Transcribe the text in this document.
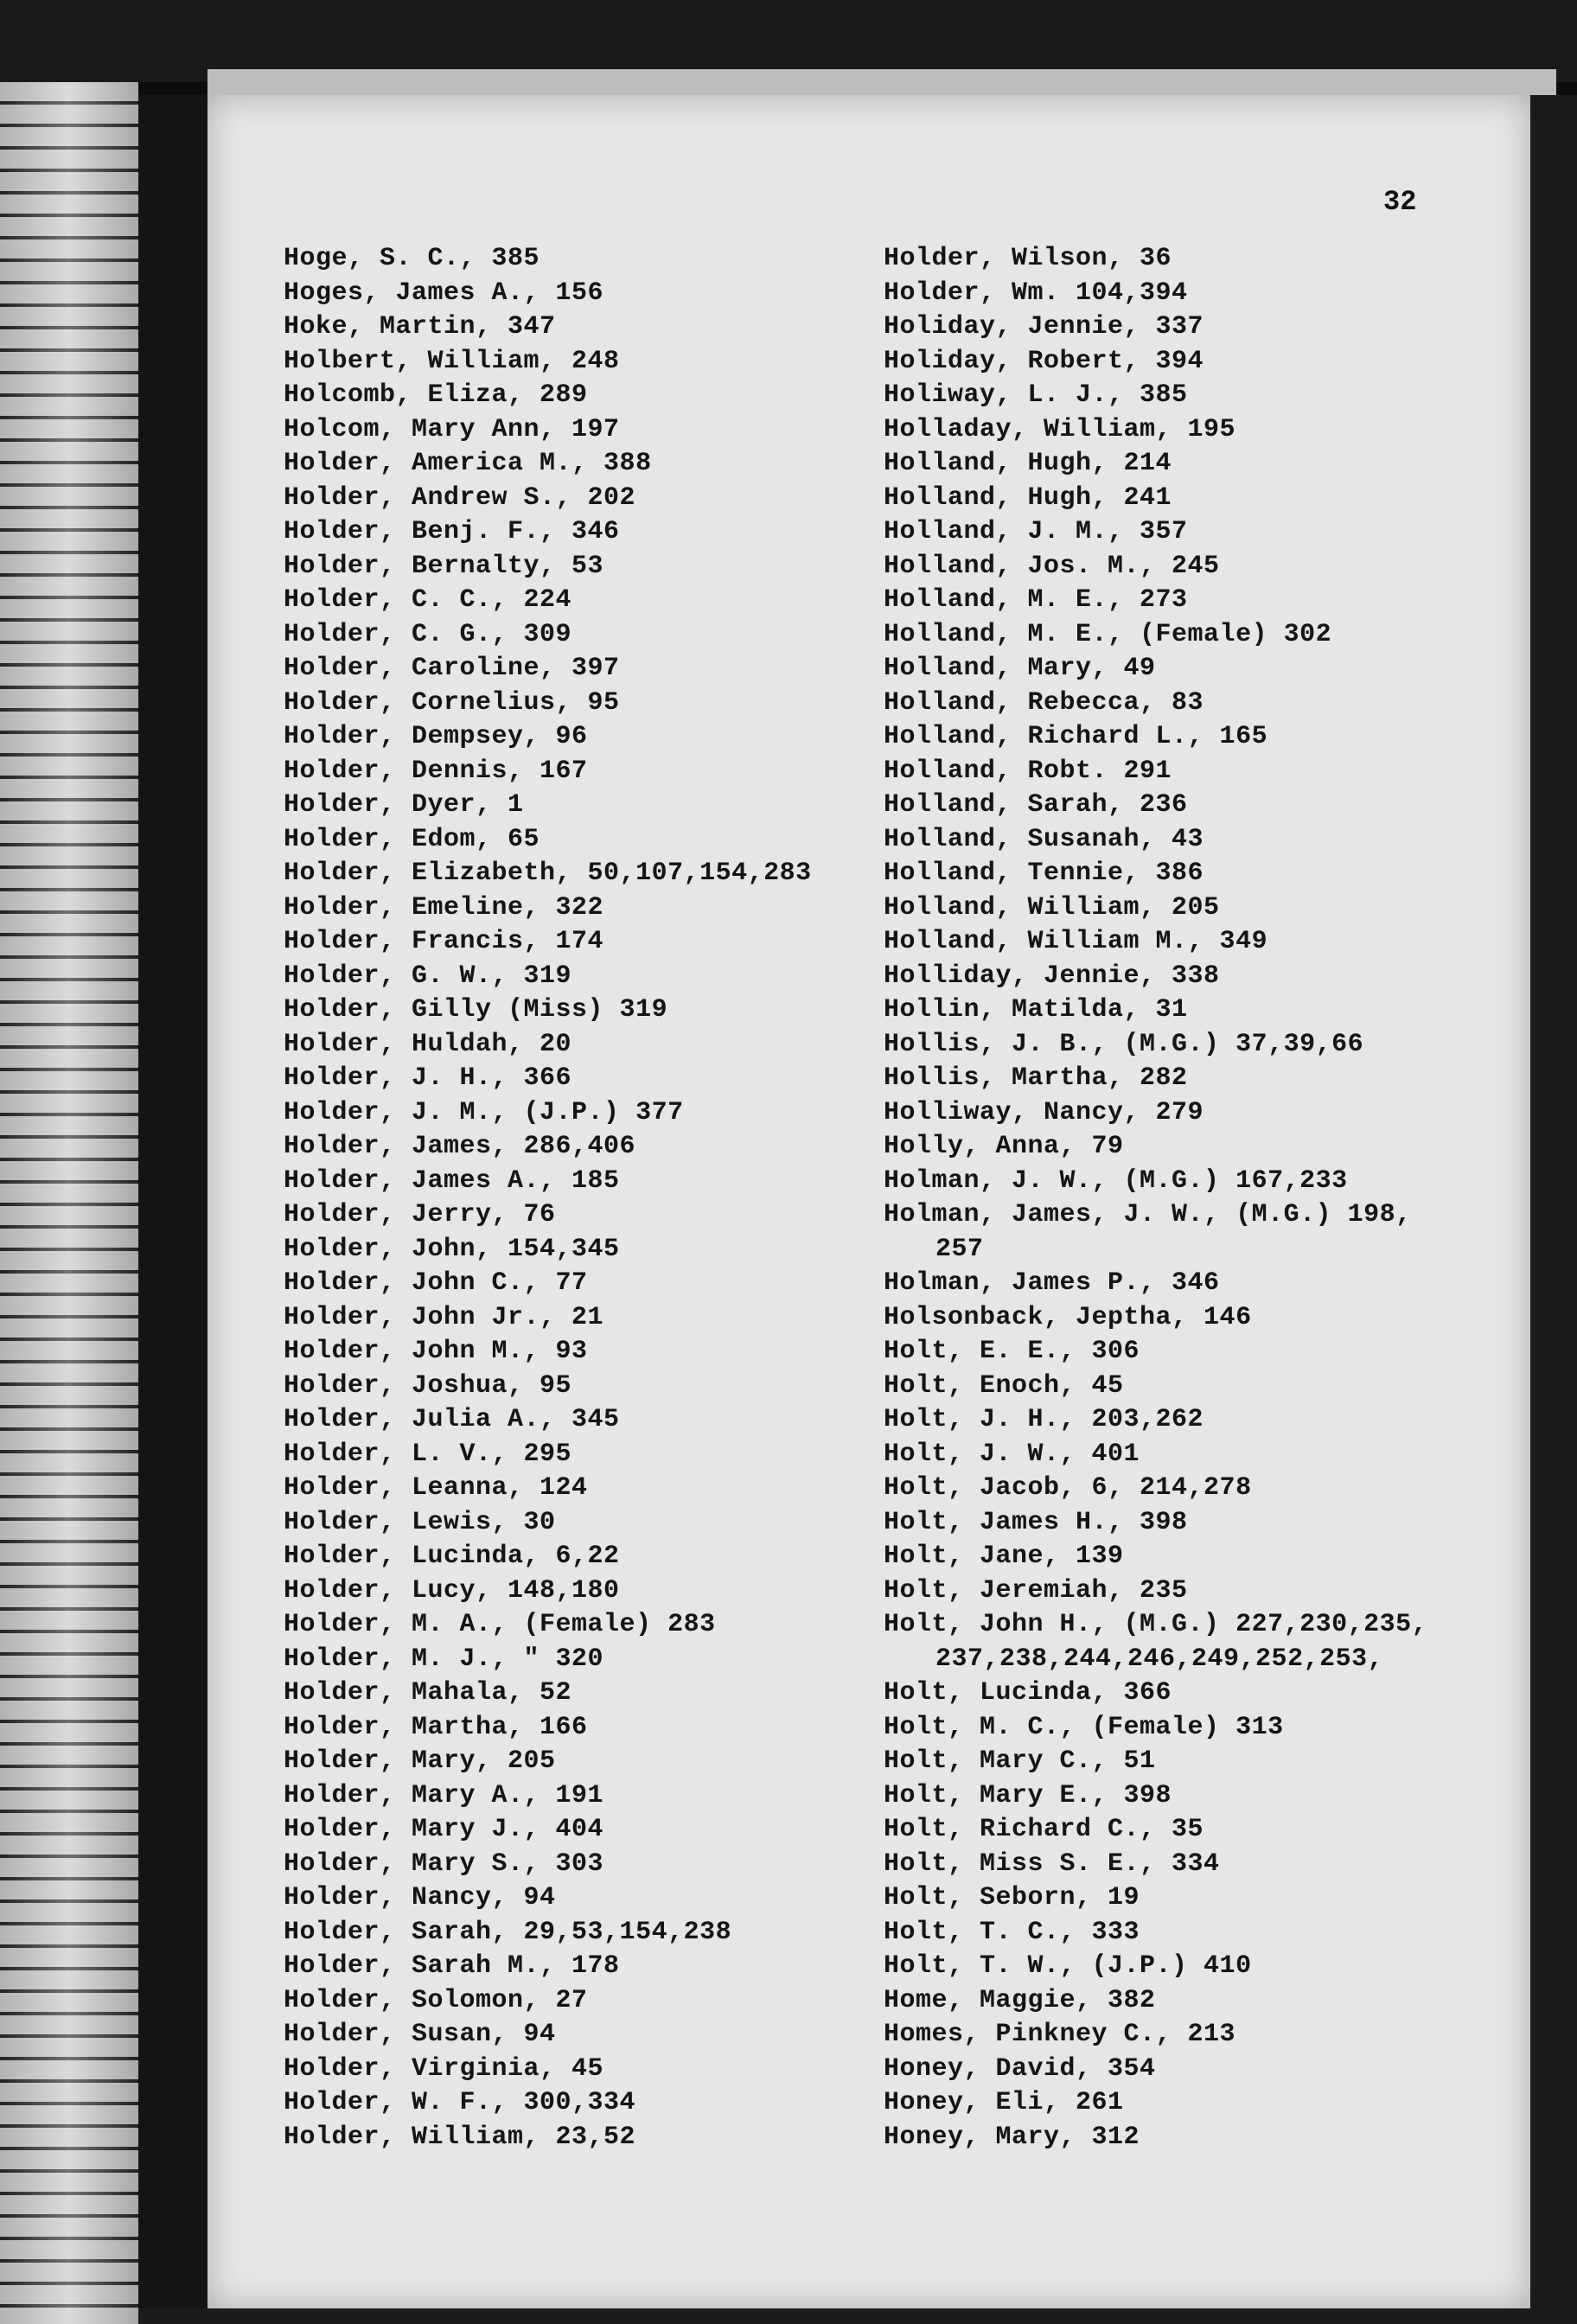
32
Hoge, S. C., 385
Hoges, James A., 156
Hoke, Martin, 347
Holbert, William, 248
Holcomb, Eliza, 289
Holcom, Mary Ann, 197
Holder, America M., 388
Holder, Andrew S., 202
Holder, Benj. F., 346
Holder, Bernalty, 53
Holder, C. C., 224
Holder, C. G., 309
Holder, Caroline, 397
Holder, Cornelius, 95
Holder, Dempsey, 96
Holder, Dennis, 167
Holder, Dyer, 1
Holder, Edom, 65
Holder, Elizabeth, 50,107,154,283
Holder, Emeline, 322
Holder, Francis, 174
Holder, G. W., 319
Holder, Gilly (Miss) 319
Holder, Huldah, 20
Holder, J. H., 366
Holder, J. M., (J.P.) 377
Holder, James, 286,406
Holder, James A., 185
Holder, Jerry, 76
Holder, John, 154,345
Holder, John C., 77
Holder, John Jr., 21
Holder, John M., 93
Holder, Joshua, 95
Holder, Julia A., 345
Holder, L. V., 295
Holder, Leanna, 124
Holder, Lewis, 30
Holder, Lucinda, 6,22
Holder, Lucy, 148,180
Holder, M. A., (Female) 283
Holder, M. J., " 320
Holder, Mahala, 52
Holder, Martha, 166
Holder, Mary, 205
Holder, Mary A., 191
Holder, Mary J., 404
Holder, Mary S., 303
Holder, Nancy, 94
Holder, Sarah, 29,53,154,238
Holder, Sarah M., 178
Holder, Solomon, 27
Holder, Susan, 94
Holder, Virginia, 45
Holder, W. F., 300,334
Holder, William, 23,52
Holder, Wilson, 36
Holder, Wm. 104,394
Holiday, Jennie, 337
Holiday, Robert, 394
Holiway, L. J., 385
Holladay, William, 195
Holland, Hugh, 214
Holland, Hugh, 241
Holland, J. M., 357
Holland, Jos. M., 245
Holland, M. E., 273
Holland, M. E., (Female) 302
Holland, Mary, 49
Holland, Rebecca, 83
Holland, Richard L., 165
Holland, Robt. 291
Holland, Sarah, 236
Holland, Susanah, 43
Holland, Tennie, 386
Holland, William, 205
Holland, William M., 349
Holliday, Jennie, 338
Hollin, Matilda, 31
Hollis, J. B., (M.G.) 37,39,66
Hollis, Martha, 282
Holliway, Nancy, 279
Holly, Anna, 79
Holman, J. W., (M.G.) 167,233
Holman, James, J. W., (M.G.) 198,
257
Holman, James P., 346
Holsonback, Jeptha, 146
Holt, E. E., 306
Holt, Enoch, 45
Holt, J. H., 203,262
Holt, J. W., 401
Holt, Jacob, 6, 214,278
Holt, James H., 398
Holt, Jane, 139
Holt, Jeremiah, 235
Holt, John H., (M.G.) 227,230,235,
237,238,244,246,249,252,253,
Holt, Lucinda, 366
Holt, M. C., (Female) 313
Holt, Mary C., 51
Holt, Mary E., 398
Holt, Richard C., 35
Holt, Miss S. E., 334
Holt, Seborn, 19
Holt, T. C., 333
Holt, T. W., (J.P.) 410
Home, Maggie, 382
Homes, Pinkney C., 213
Honey, David, 354
Honey, Eli, 261
Honey, Mary, 312
